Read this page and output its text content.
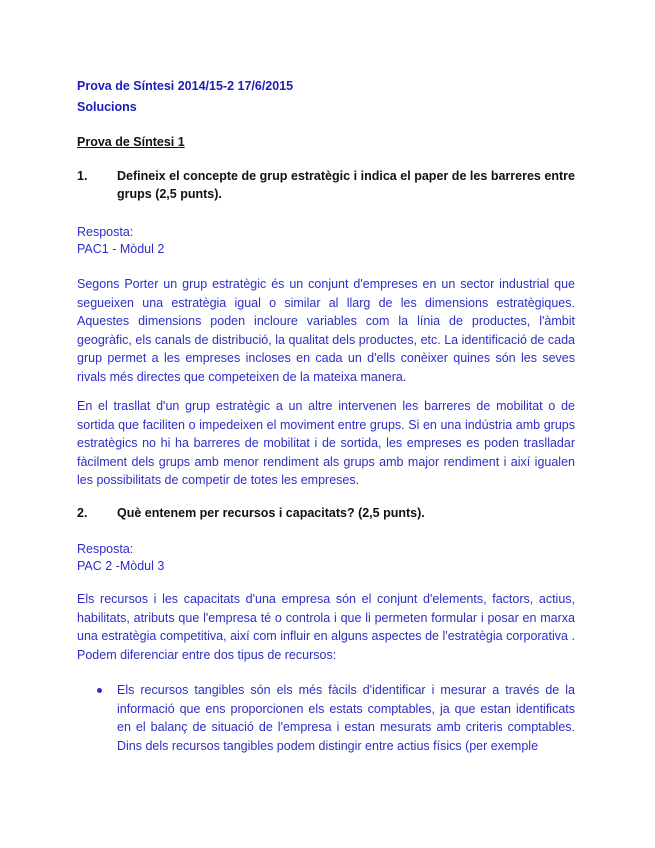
Prova de Síntesi 2014/15-2 17/6/2015
Solucions
Prova de Síntesi 1
1. Defineix el concepte de grup estratègic i indica el paper de les barreres entre grups (2,5 punts).
Resposta:
PAC1 - Mòdul 2

Segons Porter un grup estratègic és un conjunt d'empreses en un sector industrial que segueixen una estratègia igual o similar al llarg de les dimensions estratègiques. Aquestes dimensions poden incloure variables com la línia de productes, l'àmbit geogràfic, els canals de distribució, la qualitat dels productes, etc. La identificació de cada grup permet a les empreses incloses en cada un d'ells conèixer quines són les seves rivals més directes que competeixen de la mateixa manera.

En el trasllat d'un grup estratègic a un altre intervenen les barreres de mobilitat o de sortida que faciliten o impedeixen el moviment entre grups. Si en una indústria amb grups estratègics no hi ha barreres de mobilitat i de sortida, les empreses es poden traslladar fàcilment dels grups amb menor rendiment als grups amb major rendiment i així igualen les possibilitats de competir de totes les empreses.

2. Què entenem per recursos i capacitats? (2,5 punts).
Resposta:
PAC 2 -Mòdul 3

Els recursos i les capacitats d'una empresa són el conjunt d'elements, factors, actius, habilitats, atributs que l'empresa té o controla i que li permeten formular i posar en marxa una estratègia competitiva, així com influir en alguns aspectes de l'estratègia corporativa . Podem diferenciar entre dos tipus de recursos:

Els recursos tangibles són els més fàcils d'identificar i mesurar a través de la informació que ens proporcionen els estats comptables, ja que estan identificats en el balanç de situació de l'empresa i estan mesurats amb criteris comptables. Dins dels recursos tangibles podem distingir entre actius físics (per exemple
